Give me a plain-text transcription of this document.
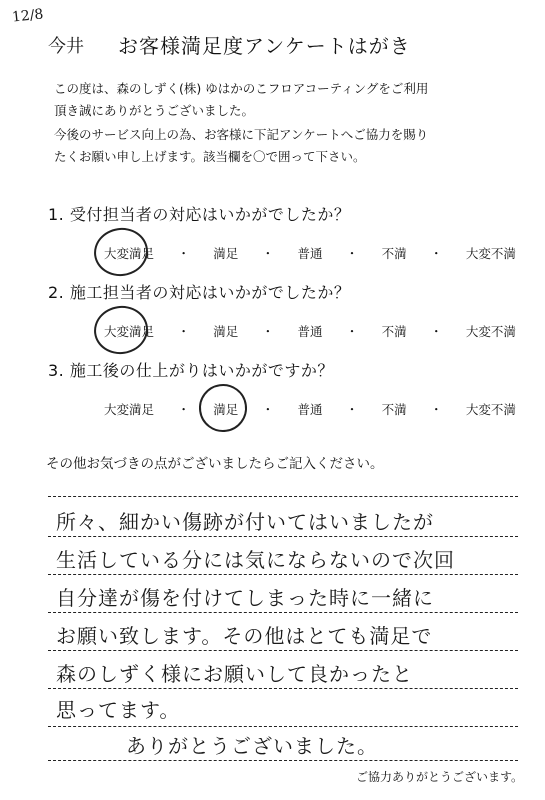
12/8
今井 お客様満足度アンケートはがき
この度は、森のしずく(株) ゆはかのこフロアコーティングをご利用
頂き誠にありがとうございました。
今後のサービス向上の為、お客様に下記アンケートへご協力を賜り
たくお願い申し上げます。該当欄を〇で囲って下さい。
1. 受付担当者の対応はいかがでしたか？
大変満足	・	満足	・	普通	・	不満	・	大変不満
2. 施工担当者の対応はいかがでしたか？
大変満足	・	満足	・	普通	・	不満	・	大変不満
3. 施工後の仕上がりはいかがですか？
大変満足	・	満足	・	普通	・	不満	・	大変不満
その他お気づきの点がございましたらご記入ください。
所々、細かい傷跡が付いてはいましたが
生活している分には気にならないので次回
自分達が傷を付けてしまった時に一緒に
お願い致します。その他はとても満足で
森のしずく様にお願いして良かったと
思ってます。
ありがとうございました。
ご協力ありがとうございます。
